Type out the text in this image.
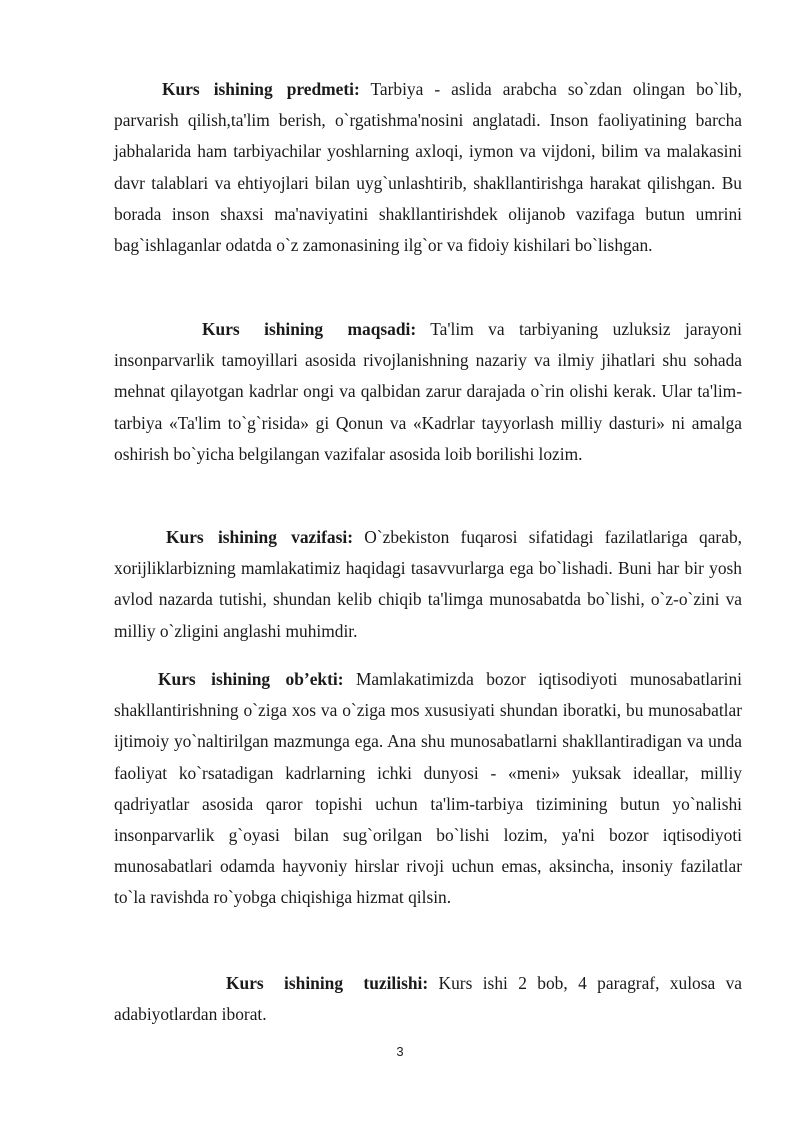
Kurs ishining predmeti: Tarbiya - aslida arabcha so`zdan olingan bo`lib, parvarish qilish,ta'lim berish, o`rgatishma'nosini anglatadi. Inson faoliyatining barcha jabhalarida ham tarbiyachilar yoshlarning axloqi, iymon va vijdoni, bilim va malakasini davr talablari va ehtiyojlari bilan uyg`unlashtirib, shakllantirishga harakat qilishgan. Bu borada inson shaxsi ma'naviyatini shakllantirishdek olijanob vazifaga butun umrini bag`ishlaganlar odatda o`z zamonasining ilg`or va fidoiy kishilari bo`lishgan.

Kurs ishining maqsadi: Ta'lim va tarbiyaning uzluksiz jarayoni insonparvarlik tamoyillari asosida rivojlanishning nazariy va ilmiy jihatlari shu sohada mehnat qilayotgan kadrlar ongi va qalbidan zarur darajada o`rin olishi kerak. Ular ta'lim-tarbiya «Ta'lim to`g`risida» gi Qonun va «Kadrlar tayyorlash milliy dasturi» ni amalga oshirish bo`yicha belgilangan vazifalar asosida loib borilishi lozim.

Kurs ishining vazifasi: O`zbekiston fuqarosi sifatidagi fazilatlariga qarab, xorijliklarbizning mamlakatimiz haqidagi tasavvurlarga ega bo`lishadi. Buni har bir yosh avlod nazarda tutishi, shundan kelib chiqib ta'limga munosabatda bo`lishi, o`z-o`zini va milliy o`zligini anglashi muhimdir.

Kurs ishining ob’ekti: Mamlakatimizda bozor iqtisodiyoti munosabatlarini shakllantirishning o`ziga xos va o`ziga mos xususiyati shundan iboratki, bu munosabatlar ijtimoiy yo`naltirilgan mazmunga ega. Ana shu munosabatlarni shakllantiradigan va unda faoliyat ko`rsatadigan kadrlarning ichki dunyosi - «meni» yuksak ideallar, milliy qadriyatlar asosida qaror topishi uchun ta'lim-tarbiya tizimining butun yo`nalishi insonparvarlik g`oyasi bilan sug`orilgan bo`lishi lozim, ya'ni bozor iqtisodiyoti munosabatlari odamda hayvoniy hirslar rivoji uchun emas, aksincha, insoniy fazilatlar to`la ravishda ro`yobga chiqishiga hizmat qilsin.

Kurs ishining tuzilishi: Kurs ishi 2 bob, 4 paragraf, xulosa va adabiyotlardan iborat.

3
